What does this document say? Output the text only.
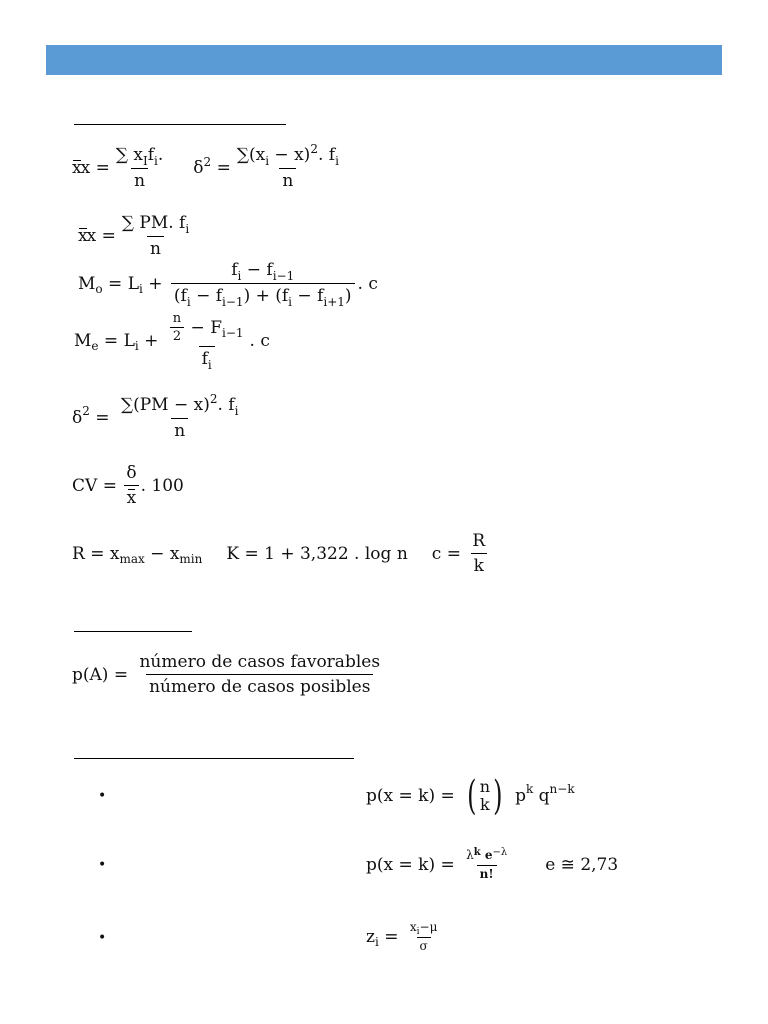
x $x = \frac{\sum x_If_i.}{n} \delta^2 = \frac{\sum(x_i - x)^2. f_i}{n}$
x $x = \frac{\sum PM. f_i}{n}$
M o = L $i + \frac{f_i - f_{i-1}}{(f_i - f_{i-1}) + (f_i - f_{i+1})}$ . c
M e = L $i + \frac{\frac{n}{2} - F i-1}{f_i}$ . c
δ $2 = \frac{\sum(PM - x)^2. f_i}{n}$
CV = $\frac{\delta}{x}$ . 100
R = x max − x min K = 1 + 3,322 . log n $c = \frac{R}{k}$
$p(A) = \frac{\text{número de casos favorables}}{\text{número de casos posibles}}$
•
•
•
p(x = k) = ( n
k ) p k q n−k
$p(x = k) = \frac{\lambda^k e^{-\lambda}}{n!}$ e ≅ 2,73
z $i = \frac{x_i-\mu}{\sigma}$
